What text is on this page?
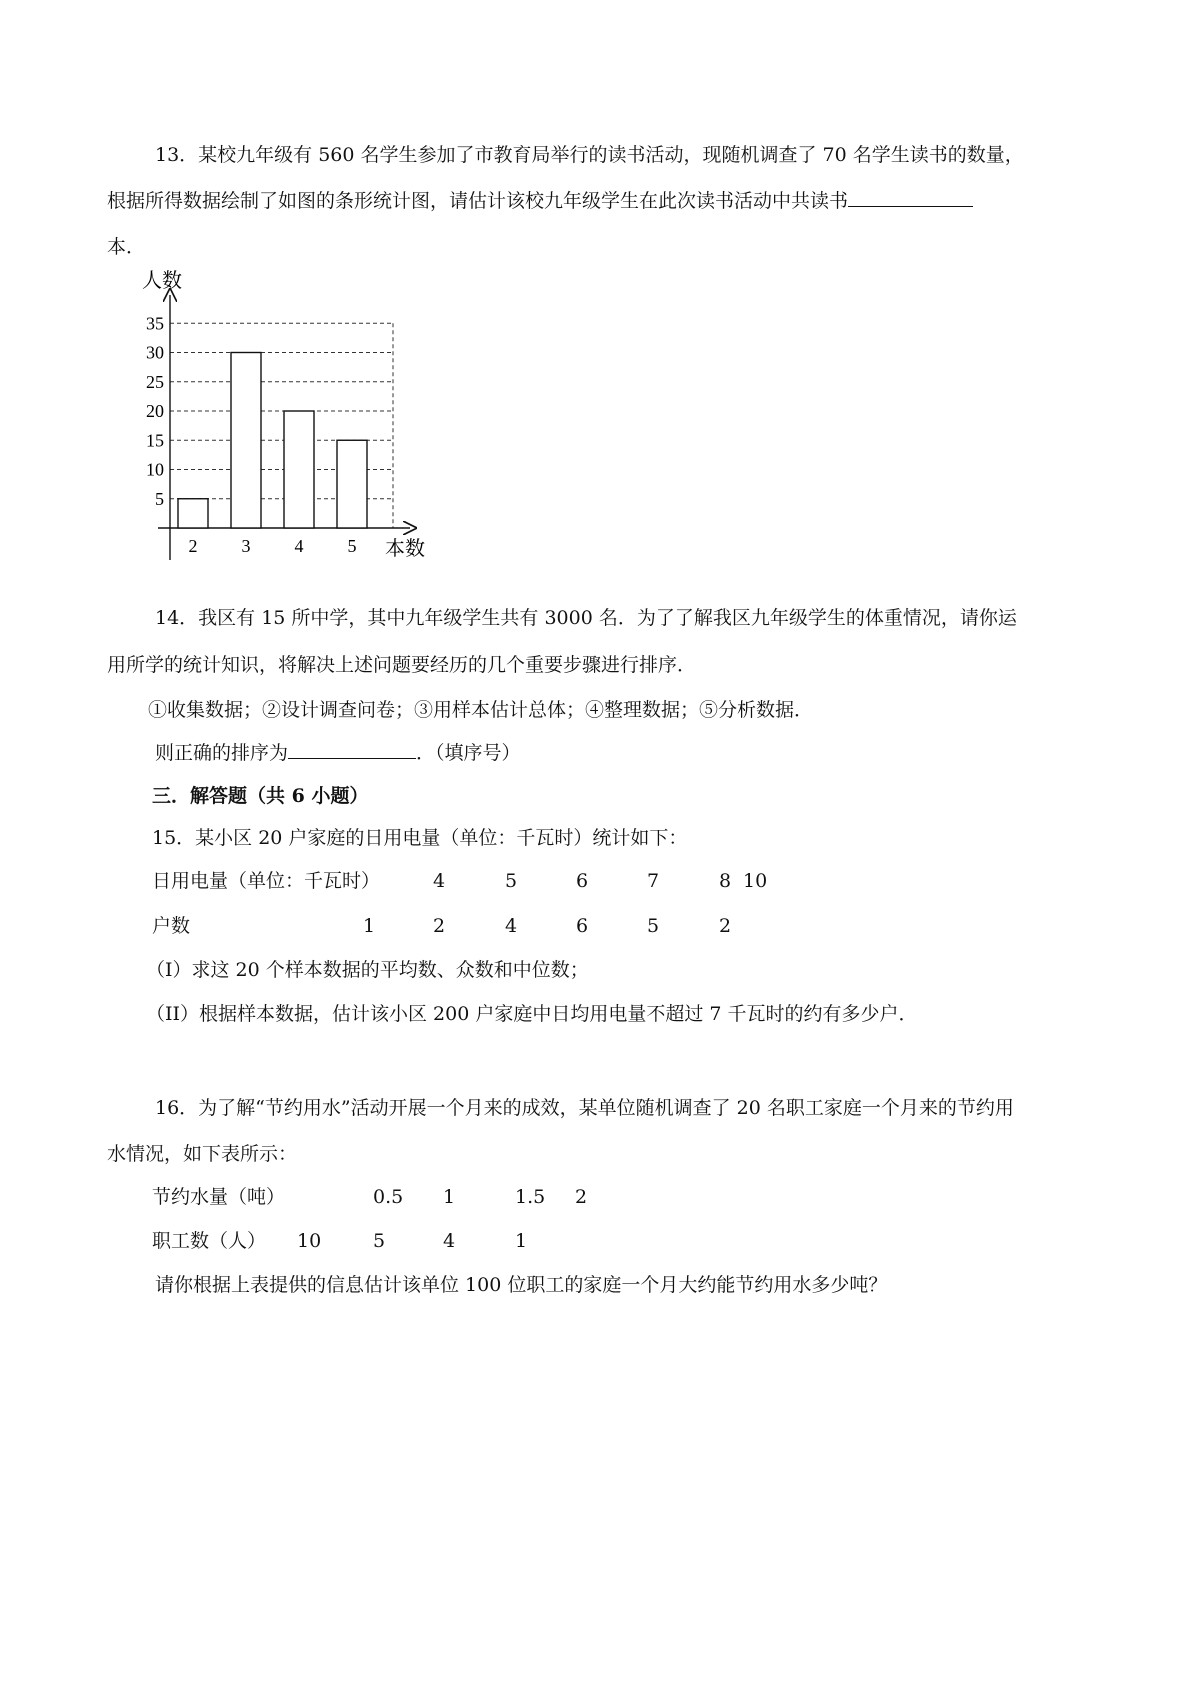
13．某校九年级有 560 名学生参加了市教育局举行的读书活动，现随机调查了 70 名学生读书的数量，
根据所得数据绘制了如图的条形统计图，请估计该校九年级学生在此次读书活动中共读书
本．
5
10
15
20
25
30
35
2 3 4 5
人数
本数
14．我区有 15 所中学，其中九年级学生共有 3000 名．为了了解我区九年级学生的体重情况，请你运
用所学的统计知识，将解决上述问题要经历的几个重要步骤进行排序．
①收集数据；②设计调查问卷；③用样本估计总体；④整理数据；⑤分析数据．
则正确的排序为	．（填序号）
三．解答题（共 6 小题）
15．某小区 20 户家庭的日用电量（单位：千瓦时）统计如下：
日用电量（单位：千瓦时）	4	5	6	7	8 10
户数	1	2	4	6	5	2
（I）求这 20 个样本数据的平均数、众数和中位数；
（II）根据样本数据，估计该小区 200 户家庭中日均用电量不超过 7 千瓦时的约有多少户．
16．为了解“节约用水”活动开展一个月来的成效，某单位随机调查了 20 名职工家庭一个月来的节约用
水情况，如下表所示：
节约水量（吨）	0.5 1	1.5 2
职工数（人） 10	5	4	1
请你根据上表提供的信息估计该单位 100 位职工的家庭一个月大约能节约用水多少吨？
